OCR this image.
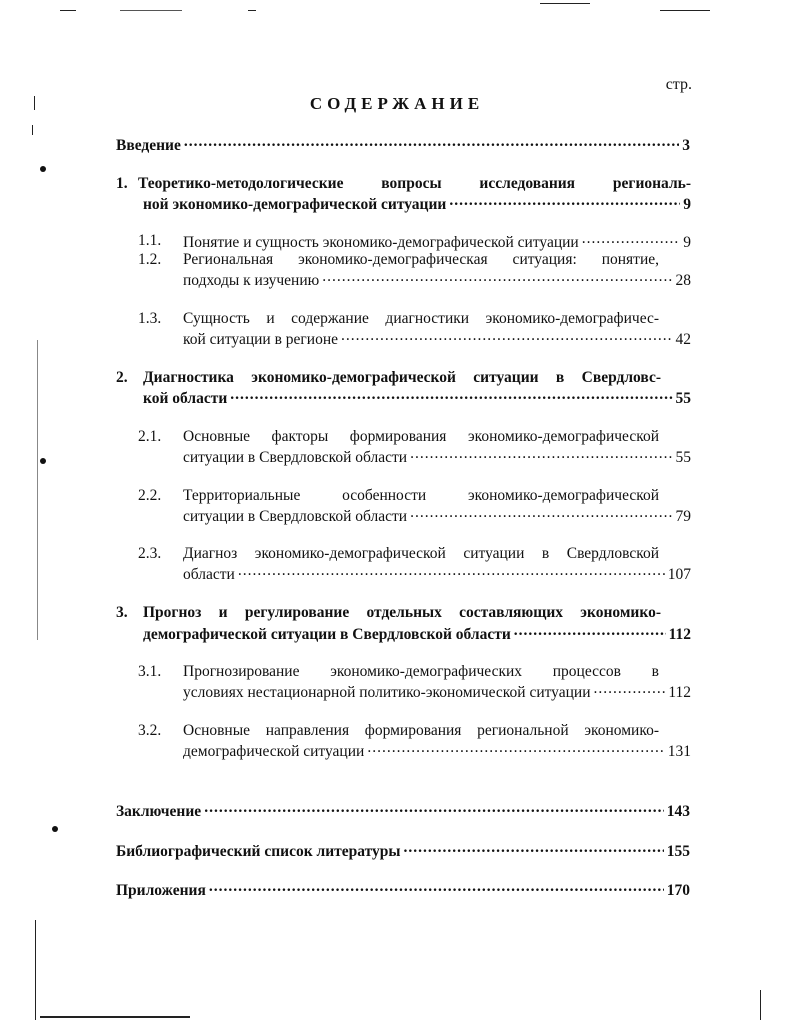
стр.
СОДЕРЖАНИЕ
Введение .....	3
1. Теоретико-методологические вопросы исследования региональ-
ной экономико-демографической ситуации .....	9
1.1. Понятие и сущность экономико-демографической ситуации .....	9
1.2. Региональная экономико-демографическая ситуация: понятие,
подходы к изучению .....	28
1.3. Сущность и содержание диагностики экономико-демографичес-
кой ситуации в регионе .....	42
2. Диагностика экономико-демографической ситуации в Свердловс-
кой области .....	55
2.1. Основные факторы формирования экономико-демографической
ситуации в Свердловской области .....	55
2.2. Территориальные особенности экономико-демографической
ситуации в Свердловской области .....	79
2.3. Диагноз экономико-демографической ситуации в Свердловской
области .....	107
3. Прогноз и регулирование отдельных составляющих экономико-
демографической ситуации в Свердловской области .....	112
3.1. Прогнозирование экономико-демографических процессов в
условиях нестационарной политико-экономической ситуации .....	112
3.2. Основные направления формирования региональной экономико-
демографической ситуации .....	131
Заключение .....	143
Библиографический список литературы .....	155
Приложения .....	170
